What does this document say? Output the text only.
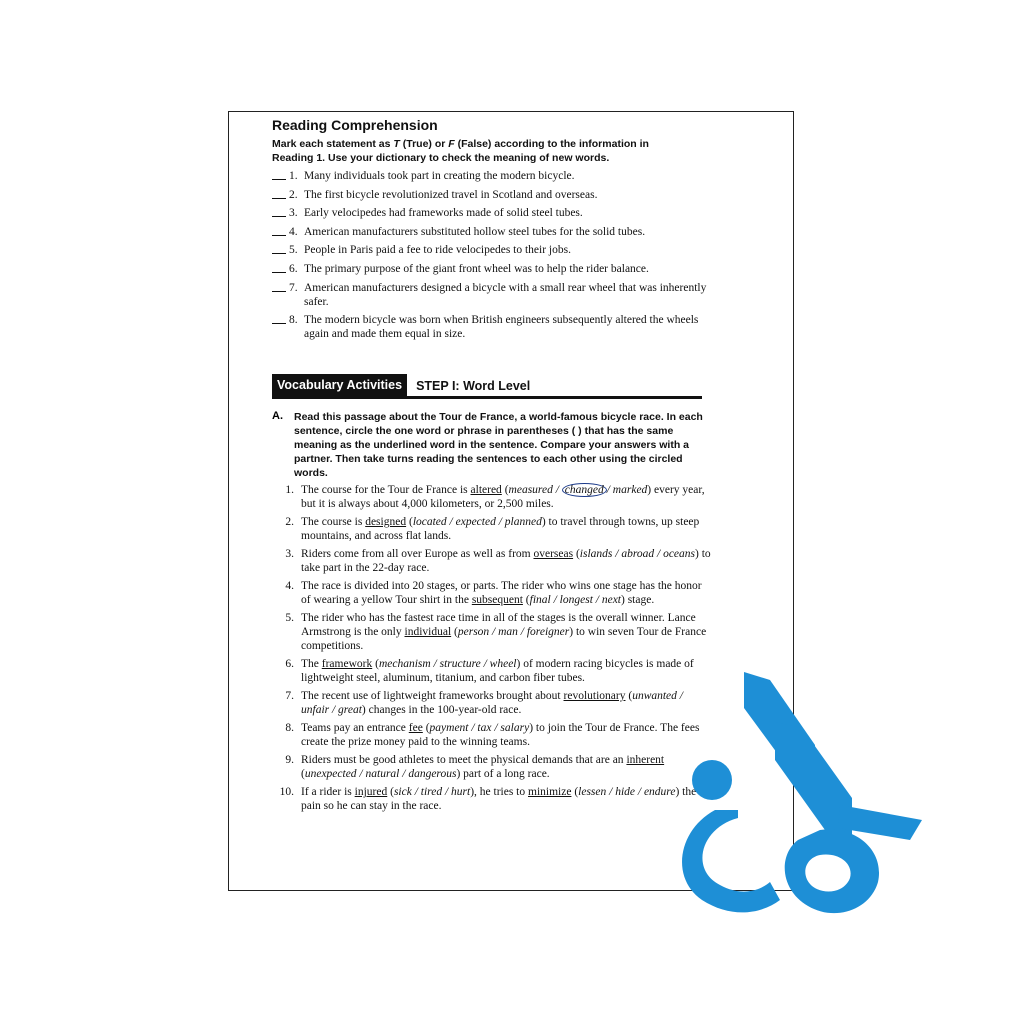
Reading Comprehension
Mark each statement as T (True) or F (False) according to the information in
Reading 1. Use your dictionary to check the meaning of new words.
1. Many individuals took part in creating the modern bicycle.
2. The first bicycle revolutionized travel in Scotland and overseas.
3. Early velocipedes had frameworks made of solid steel tubes.
4. American manufacturers substituted hollow steel tubes for the solid tubes.
5. People in Paris paid a fee to ride velocipedes to their jobs.
6. The primary purpose of the giant front wheel was to help the rider balance.
7. American manufacturers designed a bicycle with a small rear wheel that was inherently safer.
8. The modern bicycle was born when British engineers subsequently altered the wheels again and made them equal in size.
Vocabulary Activities	STEP I: Word Level
A.	Read this passage about the Tour de France, a world-famous bicycle race. In each sentence, circle the one word or phrase in parentheses ( ) that has the same meaning as the underlined word in the sentence. Compare your answers with a partner. Then take turns reading the sentences to each other using the circled words.
1. The course for the Tour de France is altered (measured / changed / marked) every year, but it is always about 4,000 kilometers, or 2,500 miles.
2. The course is designed (located / expected / planned) to travel through towns, up steep mountains, and across flat lands.
3. Riders come from all over Europe as well as from overseas (islands / abroad / oceans) to take part in the 22-day race.
4. The race is divided into 20 stages, or parts. The rider who wins one stage has the honor of wearing a yellow Tour shirt in the subsequent (final / longest / next) stage.
5. The rider who has the fastest race time in all of the stages is the overall winner. Lance Armstrong is the only individual (person / man / foreigner) to win seven Tour de France competitions.
6. The framework (mechanism / structure / wheel) of modern racing bicycles is made of lightweight steel, aluminum, titanium, and carbon fiber tubes.
7. The recent use of lightweight frameworks brought about revolutionary (unwanted / unfair / great) changes in the 100-year-old race.
8. Teams pay an entrance fee (payment / tax / salary) to join the Tour de France. The fees create the prize money paid to the winning teams.
9. Riders must be good athletes to meet the physical demands that are an inherent (unexpected / natural / dangerous) part of a long race.
10. If a rider is injured (sick / tired / hurt), he tries to minimize (lessen / hide / endure) the pain so he can stay in the race.
